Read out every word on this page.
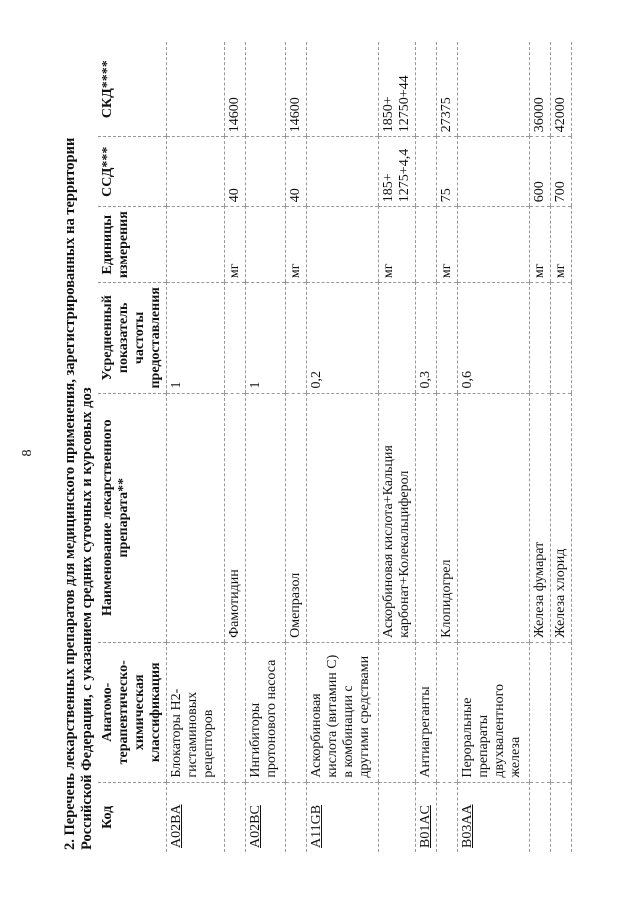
8 2. Перечень лекарственных препаратов для медицинского применения, зарегистрированных на территории Российской Федерации, с указанием средних суточных и курсовых доз Код	Анатомо-терапевтическо-химическая классификация	Наименование лекарственного препарата**	Усредненный показатель частоты предоставления	Единицы измерения	ССД***	СКД****
A02BA	Блокаторы H2-гистаминовых рецепторов		1			
		Фамотидин		мг	40	14600
A02BC	Ингибиторы протонового насоса		1			
		Омепразол		мг	40	14600
A11GB	Аскорбиновая кислота (витамин C) в комбинации с другими средствами		0,2			
		Аскорбиновая кислота+Кальция карбонат+Колекальциферол		мг	185+ 1275+4,4	1850+ 12750+44
B01AC	Антиагреганты		0,3			
		Клопидогрел		мг	75	27375
B03AA	Пероральные препараты двухвалентного железа		0,6			
		Железа фумарат		мг	600	36000
		Железа хлорид		мг	700	42000
